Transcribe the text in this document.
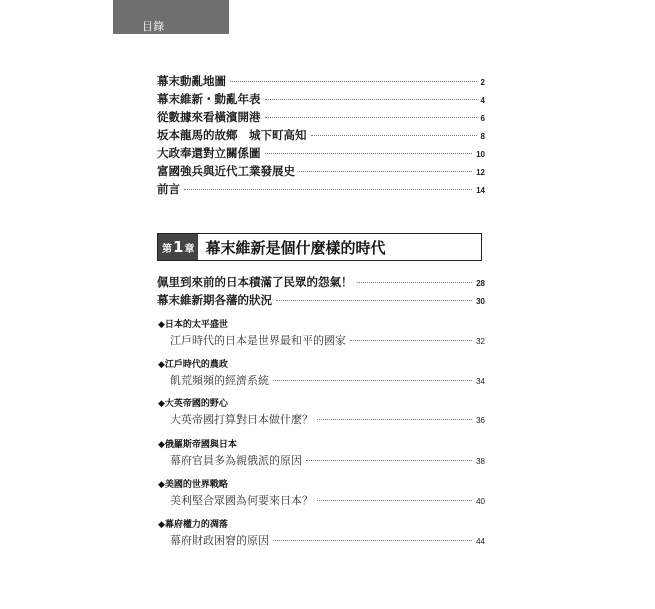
目錄 CONTENTS
幕末動亂地圖	2
幕末維新・動亂年表	4
從數據來看橫濱開港	6
坂本龍馬的故鄉　城下町高知	8
大政奉還對立關係圖	10
富國強兵與近代工業發展史	12
前言	14
第 1 章 幕末維新是個什麼樣的時代
佩里到來前的日本積滿了民眾的怨氣！	28
幕末維新期各藩的狀況	30
◆日本的太平盛世
江戶時代的日本是世界最和平的國家	32
◆江戶時代的農政
飢荒頻頻的經濟系統	34
◆大英帝國的野心
大英帝國打算對日本做什麼？	36
◆俄羅斯帝國與日本
幕府官員多為親俄派的原因	38
◆美國的世界戰略
美利堅合眾國為何要來日本？	40
◆幕府權力的凋落
幕府財政困窘的原因	44
